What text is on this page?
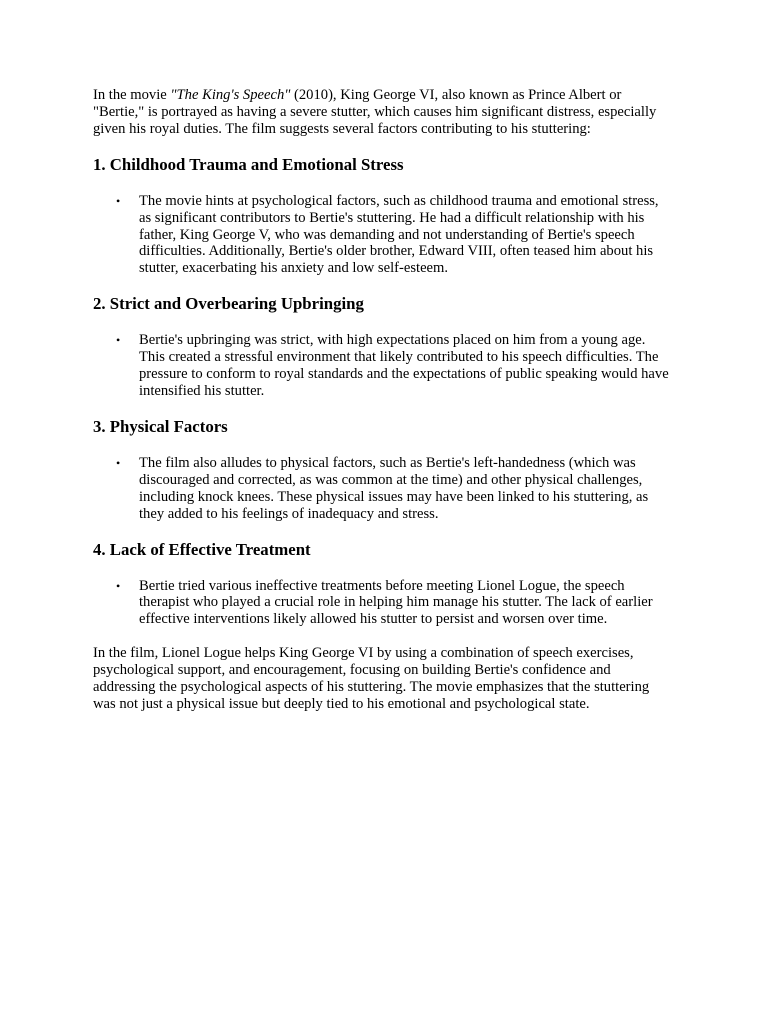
In the movie "The King's Speech" (2010), King George VI, also known as Prince Albert or "Bertie," is portrayed as having a severe stutter, which causes him significant distress, especially given his royal duties. The film suggests several factors contributing to his stuttering:

1. Childhood Trauma and Emotional Stress
• The movie hints at psychological factors, such as childhood trauma and emotional stress, as significant contributors to Bertie's stuttering. He had a difficult relationship with his father, King George V, who was demanding and not understanding of Bertie's speech difficulties. Additionally, Bertie's older brother, Edward VIII, often teased him about his stutter, exacerbating his anxiety and low self-esteem.
2. Strict and Overbearing Upbringing
• Bertie's upbringing was strict, with high expectations placed on him from a young age. This created a stressful environment that likely contributed to his speech difficulties. The pressure to conform to royal standards and the expectations of public speaking would have intensified his stutter.
3. Physical Factors
• The film also alludes to physical factors, such as Bertie's left-handedness (which was discouraged and corrected, as was common at the time) and other physical challenges, including knock knees. These physical issues may have been linked to his stuttering, as they added to his feelings of inadequacy and stress.
4. Lack of Effective Treatment
• Bertie tried various ineffective treatments before meeting Lionel Logue, the speech therapist who played a crucial role in helping him manage his stutter. The lack of earlier effective interventions likely allowed his stutter to persist and worsen over time.

In the film, Lionel Logue helps King George VI by using a combination of speech exercises, psychological support, and encouragement, focusing on building Bertie's confidence and addressing the psychological aspects of his stuttering. The movie emphasizes that the stuttering was not just a physical issue but deeply tied to his emotional and psychological state.
